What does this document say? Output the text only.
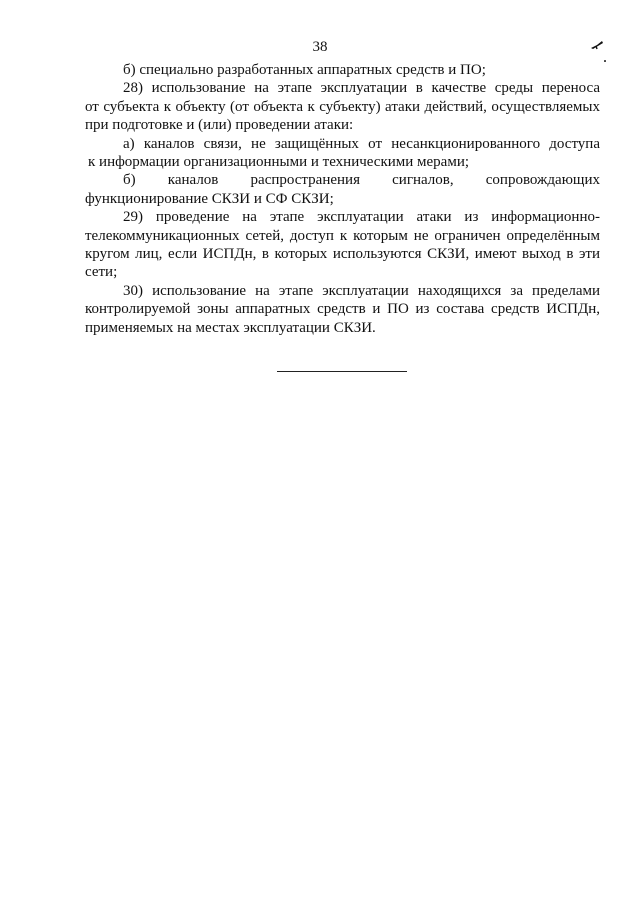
38
б) специально разработанных аппаратных средств и ПО;
28) использование на этапе эксплуатации в качестве среды переноса
от субъекта к объекту (от объекта к субъекту) атаки действий, осуществляемых
при подготовке и (или) проведении атаки:
а) каналов связи, не защищённых от несанкционированного доступа
к информации организационными и техническими мерами;
б) каналов распространения сигналов, сопровождающих
функционирование СКЗИ и СФ СКЗИ;
29) проведение на этапе эксплуатации атаки из информационно-
телекоммуникационных сетей, доступ к которым не ограничен определённым
кругом лиц, если ИСПДн, в которых используются СКЗИ, имеют выход в эти
сети;
30) использование на этапе эксплуатации находящихся за пределами
контролируемой зоны аппаратных средств и ПО из состава средств ИСПДн,
применяемых на местах эксплуатации СКЗИ.
